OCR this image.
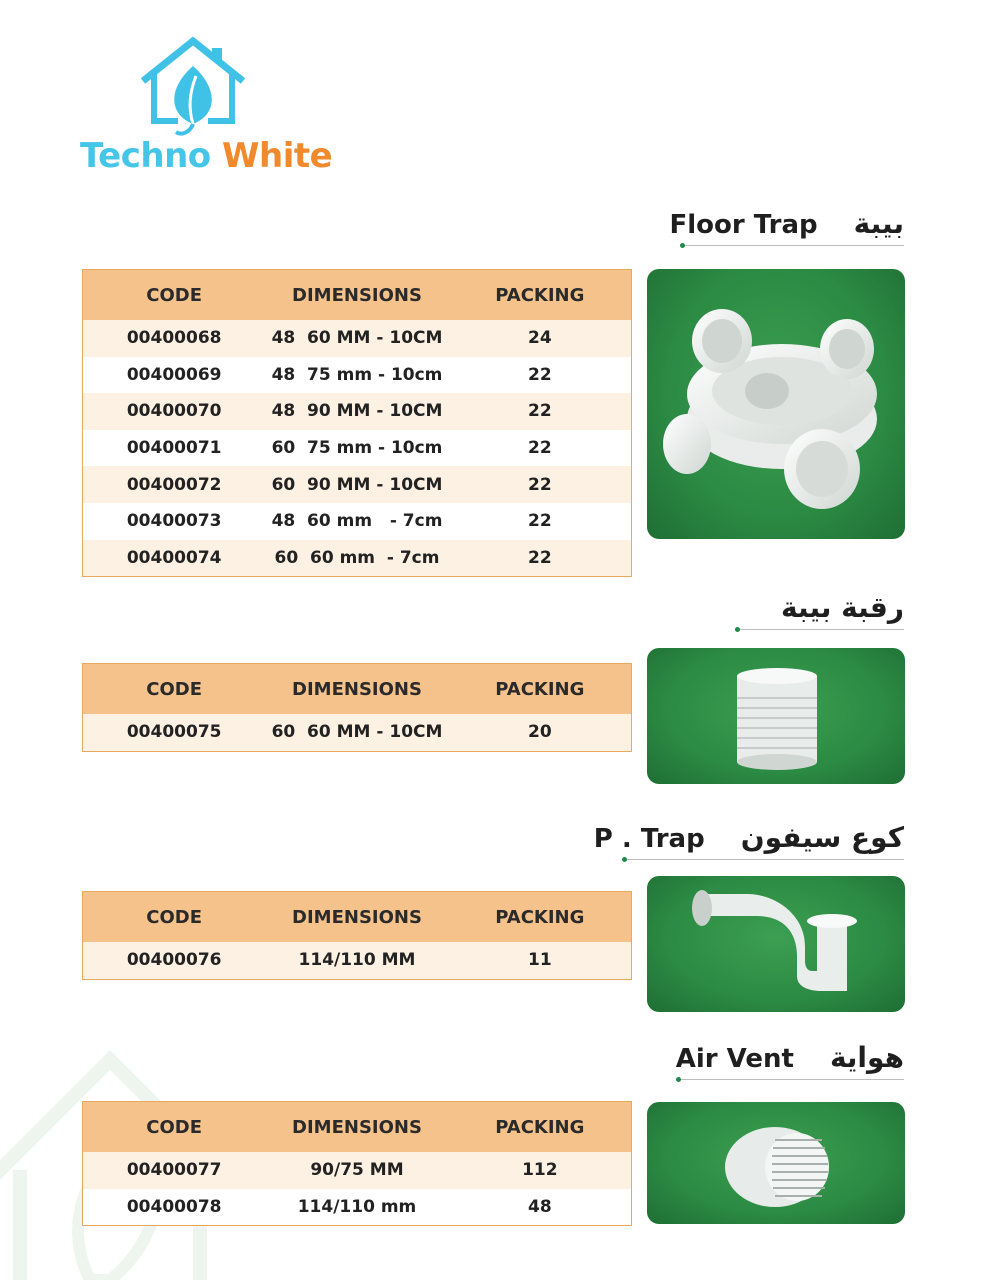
Techno White
Floor Trap بيبة
CODE	DIMENSIONS	PACKING
00400068	48  60 MM - 10CM	24
00400069	48  75 mm - 10cm	22
00400070	48  90 MM - 10CM	22
00400071	60  75 mm - 10cm	22
00400072	60  90 MM - 10CM	22
00400073	48  60 mm   - 7cm	22
00400074	60  60 mm  - 7cm	22
رقبة بيبة
CODE	DIMENSIONS	PACKING
00400075	60  60 MM - 10CM	20
P . Trap كوع سيفون
CODE	DIMENSIONS	PACKING
00400076	114/110 MM	11
Air Vent هواية
CODE	DIMENSIONS	PACKING
00400077	90/75 MM	112
00400078	114/110 mm	48
